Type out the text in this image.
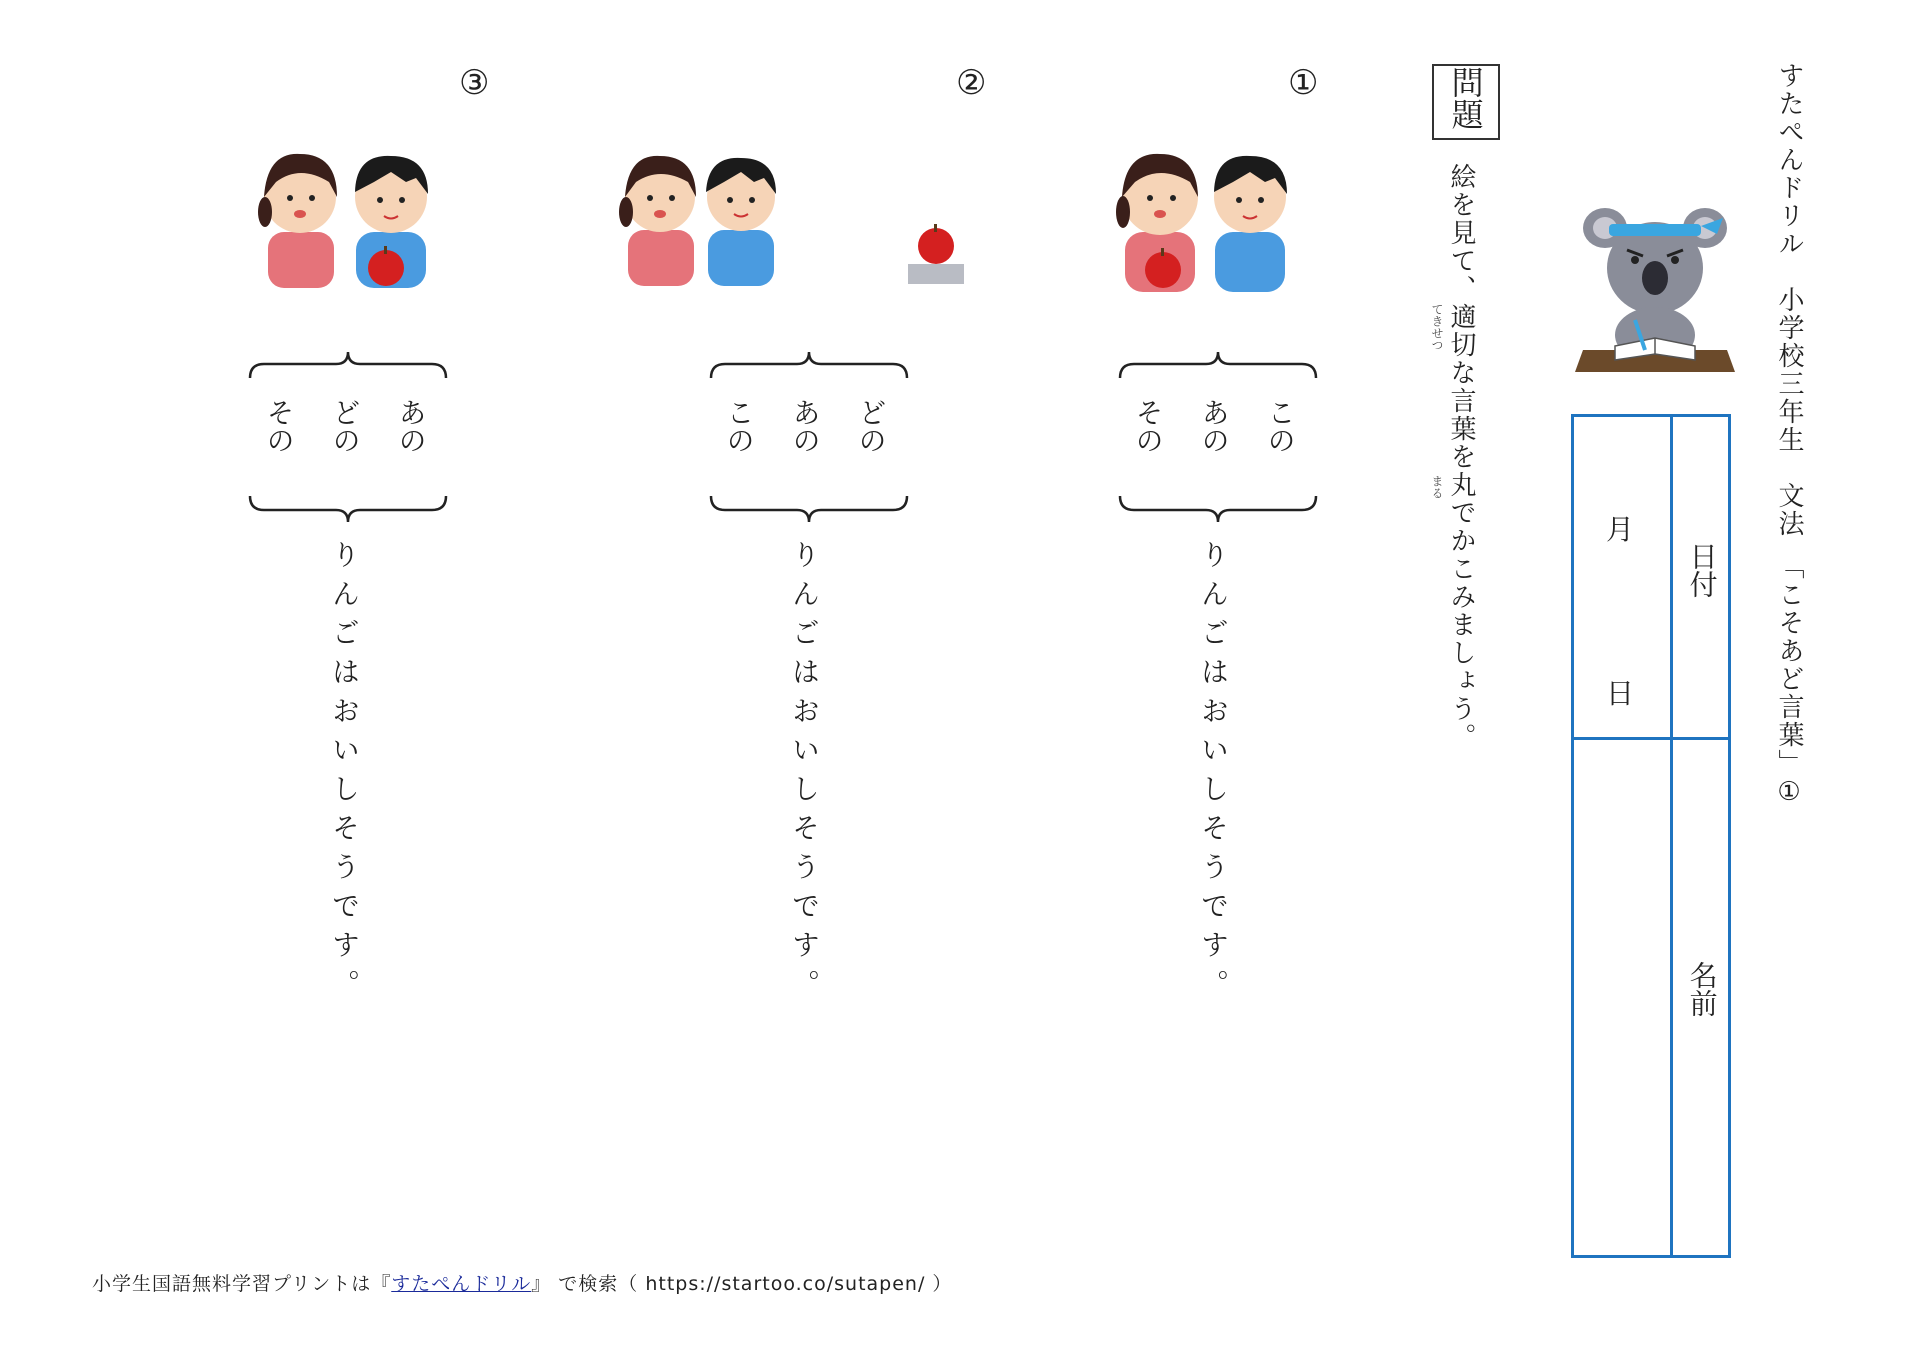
すたぺんドリル　小学校三年生　文法　「こそあど言葉」①
問題
絵を見て、適切
てきせつ
な言葉を丸
まる
でかこみましょう。	日付
月
日
名前
①
②
③
この
あの
その
どの
あの
この
あの
どの
その
りんごはおいしそうです。
りんごはおいしそうです。
りんごはおいしそうです。
小学生国語無料学習プリントは『すたぺんドリル』 で検索（ https://startoo.co/sutapen/ ）
